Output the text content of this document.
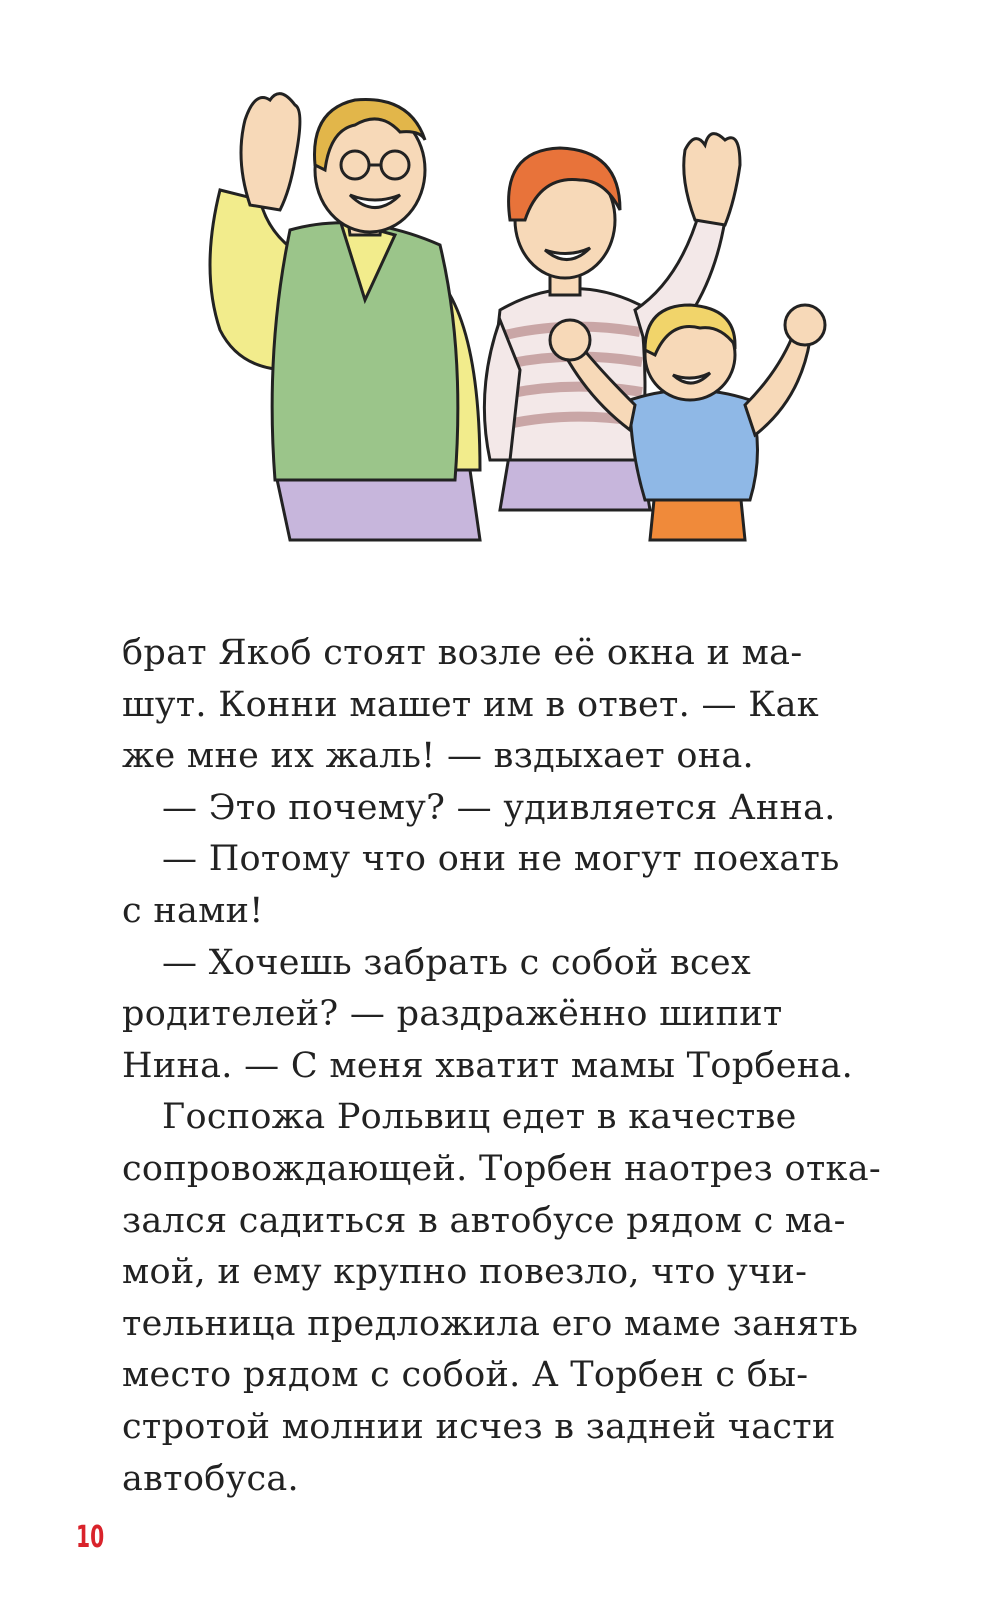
брат Якоб стоят возле её окна и ма-
шут. Конни машет им в ответ. — Как
же мне их жаль! — вздыхает она.
— Это почему? — удивляется Анна.
— Потому что они не могут поехать
с нами!
— Хочешь забрать с собой всех
родителей? — раздражённо шипит
Нина. — С меня хватит мамы Торбена.
Госпожа Рольвиц едет в качестве
сопровождающей. Торбен наотрез отка-
зался садиться в автобусе рядом с ма-
мой, и ему крупно повезло, что учи-
тельница предложила его маме занять
место рядом с собой. А Торбен с бы-
стротой молнии исчез в задней части
автобуса.
10
